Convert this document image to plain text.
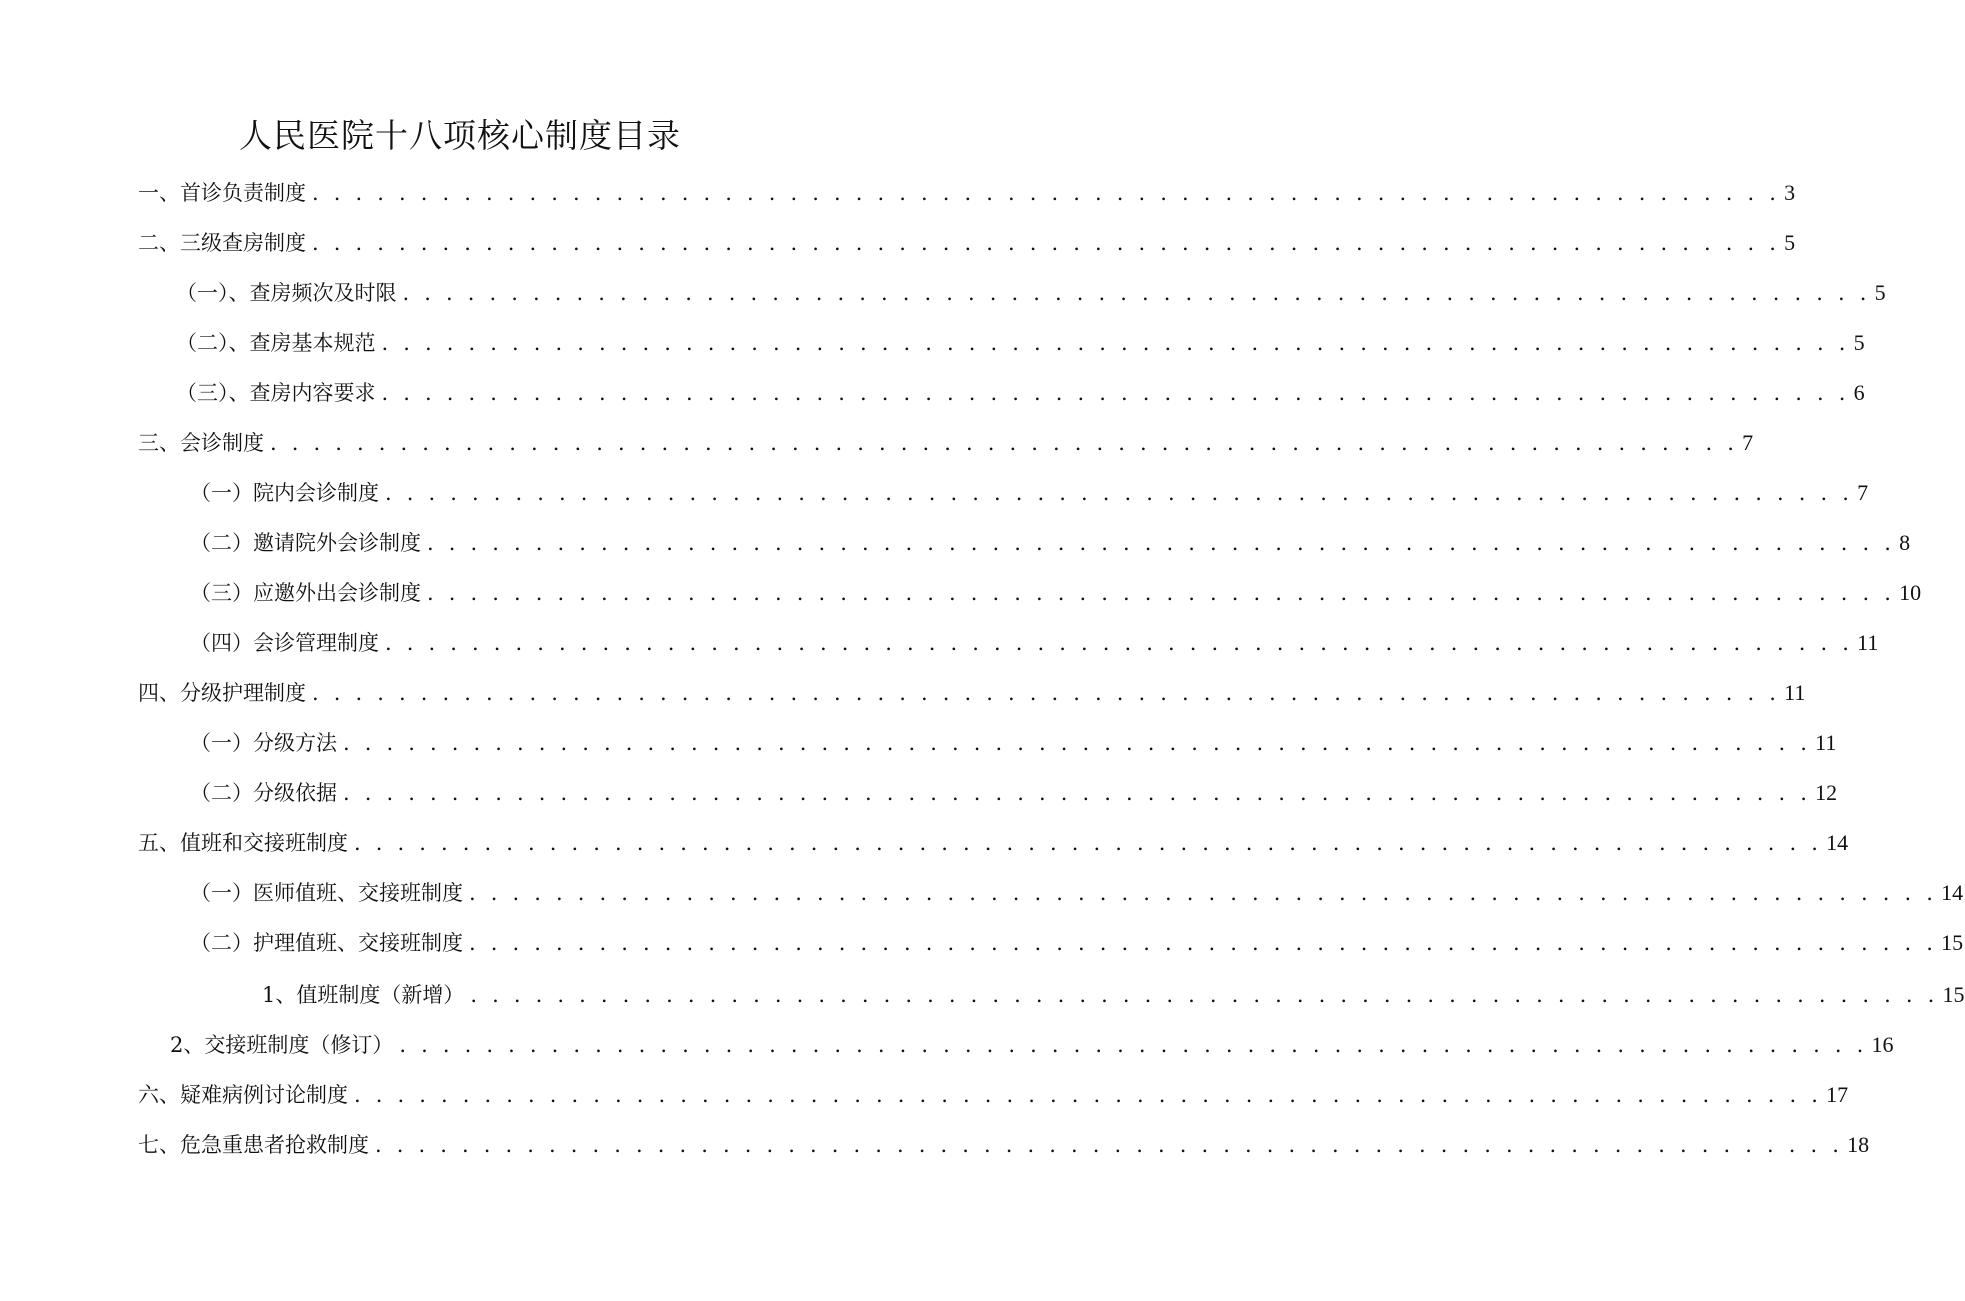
人民医院十八项核心制度目录
一、首诊负责制度 . . . . . . . . . . . . . . . . . . . . . . . . . . . . . . . . . . . . . . . . . . . . . . . . . . . . . . . . . . . . . . . . . . . . 3
二、三级查房制度 . . . . . . . . . . . . . . . . . . . . . . . . . . . . . . . . . . . . . . . . . . . . . . . . . . . . . . . . . . . . . . . . . . . . 5
（一）、查房频次及时限 . . . . . . . . . . . . . . . . . . . . . . . . . . . . . . . . . . . . . . . . . . . . . . . . . . . . . . . . . . . . . . . . . . . . 5
（二）、查房基本规范 . . . . . . . . . . . . . . . . . . . . . . . . . . . . . . . . . . . . . . . . . . . . . . . . . . . . . . . . . . . . . . . . . . . . 5
（三）、查房内容要求 . . . . . . . . . . . . . . . . . . . . . . . . . . . . . . . . . . . . . . . . . . . . . . . . . . . . . . . . . . . . . . . . . . . . 6
三、会诊制度 . . . . . . . . . . . . . . . . . . . . . . . . . . . . . . . . . . . . . . . . . . . . . . . . . . . . . . . . . . . . . . . . . . . . 7
（一）院内会诊制度 . . . . . . . . . . . . . . . . . . . . . . . . . . . . . . . . . . . . . . . . . . . . . . . . . . . . . . . . . . . . . . . . . . . . 7
（二）邀请院外会诊制度 . . . . . . . . . . . . . . . . . . . . . . . . . . . . . . . . . . . . . . . . . . . . . . . . . . . . . . . . . . . . . . . . . . . . 8
（三）应邀外出会诊制度 . . . . . . . . . . . . . . . . . . . . . . . . . . . . . . . . . . . . . . . . . . . . . . . . . . . . . . . . . . . . . . . . . . . . 10
（四）会诊管理制度 . . . . . . . . . . . . . . . . . . . . . . . . . . . . . . . . . . . . . . . . . . . . . . . . . . . . . . . . . . . . . . . . . . . . 11
四、分级护理制度 . . . . . . . . . . . . . . . . . . . . . . . . . . . . . . . . . . . . . . . . . . . . . . . . . . . . . . . . . . . . . . . . . . . . 11
（一）分级方法 . . . . . . . . . . . . . . . . . . . . . . . . . . . . . . . . . . . . . . . . . . . . . . . . . . . . . . . . . . . . . . . . . . . . 11
（二）分级依据 . . . . . . . . . . . . . . . . . . . . . . . . . . . . . . . . . . . . . . . . . . . . . . . . . . . . . . . . . . . . . . . . . . . . 12
五、值班和交接班制度 . . . . . . . . . . . . . . . . . . . . . . . . . . . . . . . . . . . . . . . . . . . . . . . . . . . . . . . . . . . . . . . . . . . . 14
（一）医师值班、交接班制度 . . . . . . . . . . . . . . . . . . . . . . . . . . . . . . . . . . . . . . . . . . . . . . . . . . . . . . . . . . . . . . . . . . . . 14
（二）护理值班、交接班制度 . . . . . . . . . . . . . . . . . . . . . . . . . . . . . . . . . . . . . . . . . . . . . . . . . . . . . . . . . . . . . . . . . . . . 15
1、值班制度（新增） . . . . . . . . . . . . . . . . . . . . . . . . . . . . . . . . . . . . . . . . . . . . . . . . . . . . . . . . . . . . . . . . . . . . 15
2、交接班制度（修订） . . . . . . . . . . . . . . . . . . . . . . . . . . . . . . . . . . . . . . . . . . . . . . . . . . . . . . . . . . . . . . . . . . . . 16
六、疑难病例讨论制度 . . . . . . . . . . . . . . . . . . . . . . . . . . . . . . . . . . . . . . . . . . . . . . . . . . . . . . . . . . . . . . . . . . . . 17
七、危急重患者抢救制度 . . . . . . . . . . . . . . . . . . . . . . . . . . . . . . . . . . . . . . . . . . . . . . . . . . . . . . . . . . . . . . . . . . . . 18
